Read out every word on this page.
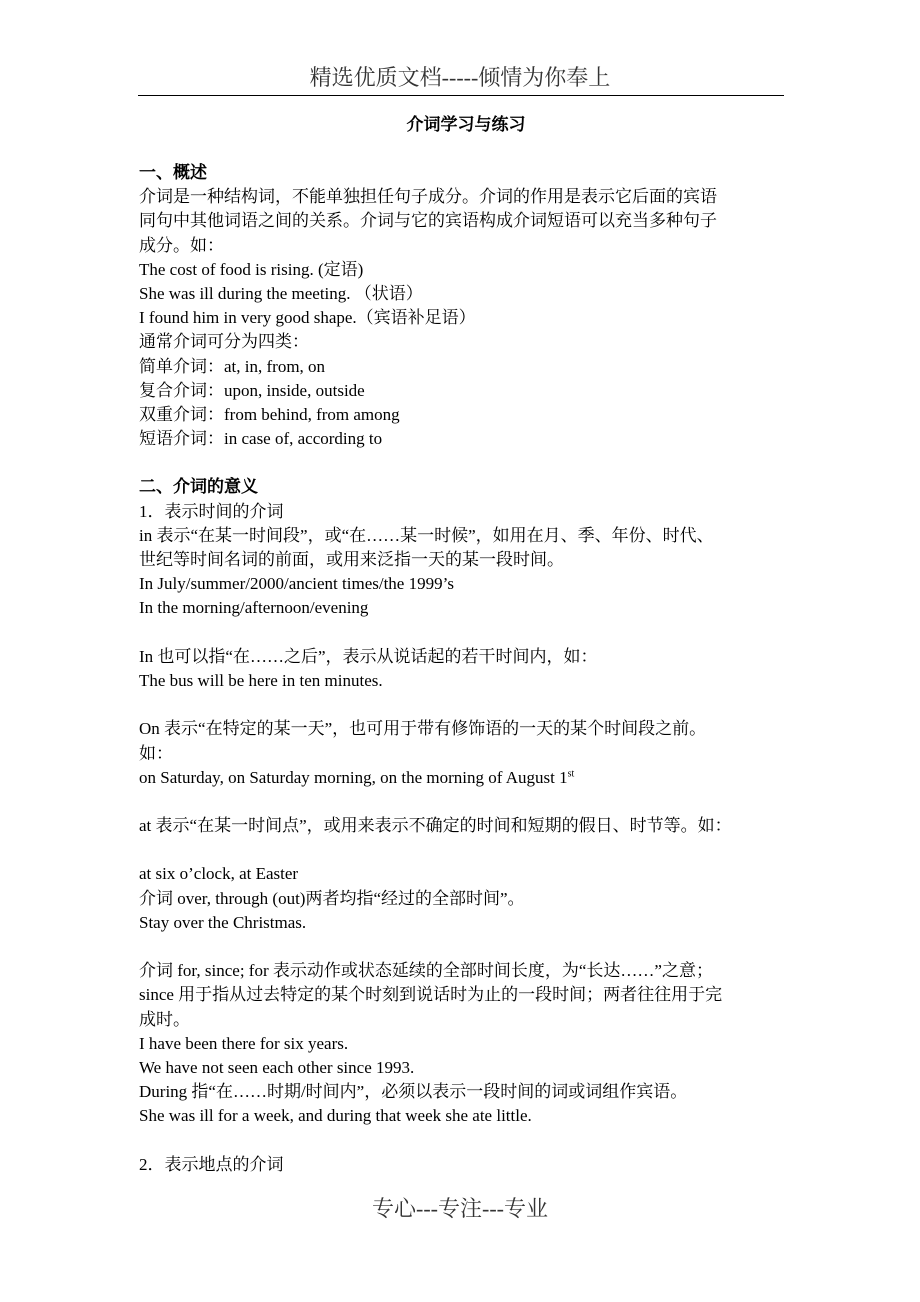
精选优质文档-----倾情为你奉上
介词学习与练习
一、概述
介词是一种结构词，不能单独担任句子成分。介词的作用是表示它后面的宾语
同句中其他词语之间的关系。介词与它的宾语构成介词短语可以充当多种句子
成分。如：
The cost of food is rising. (定语)
She was ill during the meeting. （状语）
I found him in very good shape.（宾语补足语）
通常介词可分为四类：
简单介词：at, in, from, on
复合介词：upon, inside, outside
双重介词：from behind, from among
短语介词：in case of, according to
二、介词的意义
1．表示时间的介词
in 表示“在某一时间段”，或“在……某一时候”，如用在月、季、年份、时代、
世纪等时间名词的前面，或用来泛指一天的某一段时间。
In July/summer/2000/ancient times/the 1999’s
In the morning/afternoon/evening
In 也可以指“在……之后”，表示从说话起的若干时间内，如：
The bus will be here in ten minutes.
On 表示“在特定的某一天”，也可用于带有修饰语的一天的某个时间段之前。
如：
on Saturday, on Saturday morning, on the morning of August 1st
at 表示“在某一时间点”，或用来表示不确定的时间和短期的假日、时节等。如：
at six o’clock, at Easter
介词 over, through (out)两者均指“经过的全部时间”。
Stay over the Christmas.
介词 for, since; for 表示动作或状态延续的全部时间长度，为“长达……”之意；
since 用于指从过去特定的某个时刻到说话时为止的一段时间；两者往往用于完
成时。
I have been there for six years.
We have not seen each other since 1993.
During 指“在……时期/时间内”，必须以表示一段时间的词或词组作宾语。
She was ill for a week, and during that week she ate little.
2．表示地点的介词
专心---专注---专业
